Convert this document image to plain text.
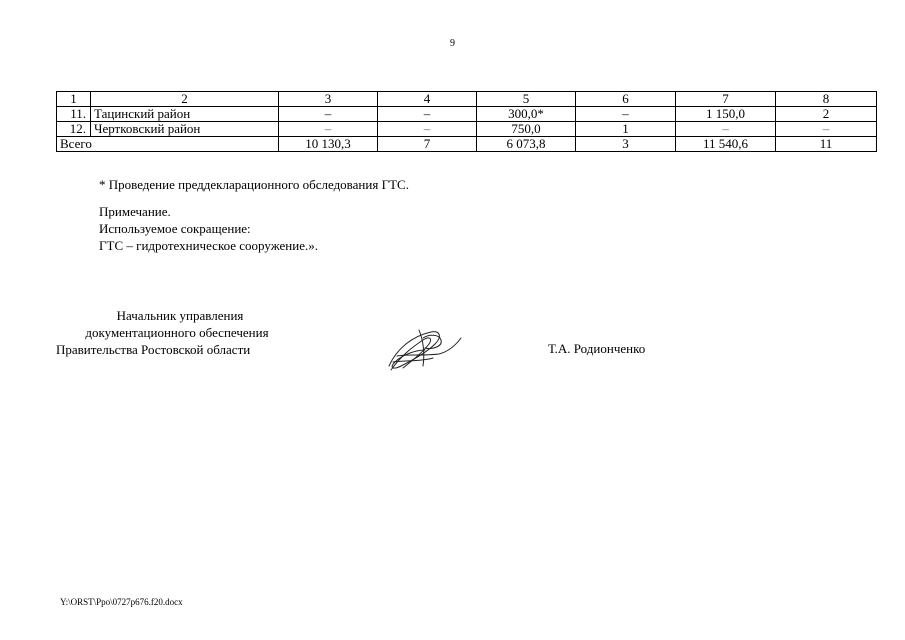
9
1	2	3	4	5	6	7	8
11.	Тацинский район	–	–	300,0*	–	1 150,0	2
12.	Чертковский район	–	–	750,0	1	–	–
Всего		10 130,3	7	6 073,8	3	11 540,6	11
* Проведение преддекларационного обследования ГТС.
Примечание.
Используемое сокращение:
ГТС – гидротехническое сооружение.».
Начальник управления
документационного обеспечения
Правительства Ростовской области	Т.А. Родионченко
Y:\ORST\Ppo\0727p676.f20.docx
